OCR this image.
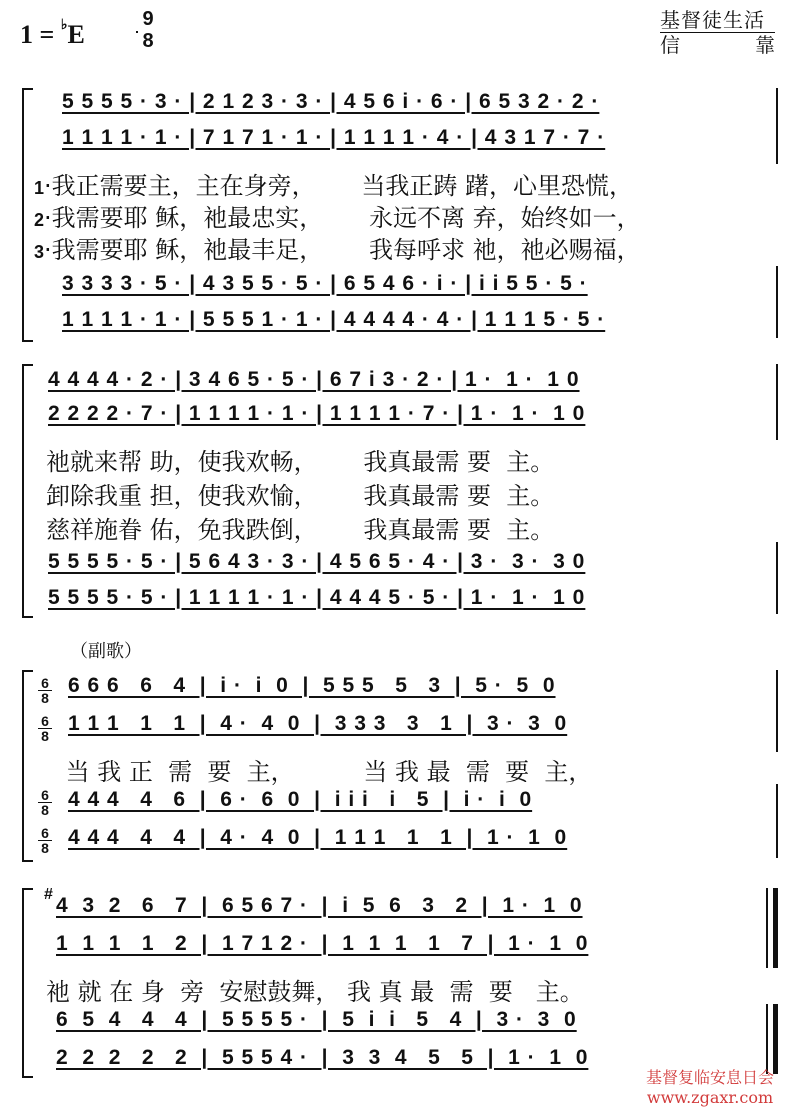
1 = ♭E
9
8
基督徒生活
信	靠
5 5 5 5 · 3 · | 2 1 2 3 · 3 · | 4 5 6 i · 6 · | 6 5 3 2 · 2 ·
1 1 1 1 · 1 · | 7 1 7 1 · 1 · | 1 1 1 1 · 4 · | 4 3 1 7 · 7 ·
1·我正需要主，主在身旁，      当我正踌 躇，心里恐慌，
2·我需要耶 稣，祂最忠实，      永远不离 弃，始终如一，
3·我需要耶 稣，祂最丰足，      我每呼求 祂，祂必赐福，
3 3 3 3 · 5 · | 4 3 5 5 · 5 · | 6 5 4 6 · i · | i i 5 5 · 5 ·
1 1 1 1 · 1 · | 5 5 5 1 · 1 · | 4 4 4 4 · 4 · | 1 1 1 5 · 5 ·
4 4 4 4 · 2 · | 3 4 6 5 · 5 · | 6 7 i 3 · 2 · | 1 ·  1 ·  1 0
2 2 2 2 · 7 · | 1 1 1 1 · 1 · | 1 1 1 1 · 7 · | 1 ·  1 ·  1 0
祂就来帮 助，使我欢畅，      我真最需 要  主。
卸除我重 担，使我欢愉，      我真最需 要  主。
慈祥施眷 佑，免我跌倒，      我真最需 要  主。
5 5 5 5 · 5 · | 5 6 4 3 · 3 · | 4 5 6 5 · 4 · | 3 ·  3 ·  3 0
5 5 5 5 · 5 · | 1 1 1 1 · 1 · | 4 4 4 5 · 5 · | 1 ·  1 ·  1 0
（副歌）
6
8
6
8
6 6 6   6   4  |  i ·  i  0  |  5 5 5   5   3  |  5 ·  5  0
1 1 1   1   1  |  4 ·  4  0  |  3 3 3   3   1  |  3 ·  3  0
当 我 正  需  要  主，         当 我 最  需  要  主，
6
8
6
8
4 4 4   4   6  |  6 ·  6  0  |  i i i   i   5  |  i ·  i  0
4 4 4   4   4  |  4 ·  4  0  |  1 1 1   1   1  |  1 ·  1  0
# 4  3  2   6   7  |  6 5 6 7 ·  |  i  5  6   3   2  |  1 ·  1  0
1  1  1   1   2  |  1 7 1 2 ·  |  1  1  1   1   7  |  1 ·  1  0
祂 就 在 身  旁  安慰鼓舞， 我 真 最  需  要   主。
6  5  4   4   4  |  5 5 5 5 ·  |  5  i  i   5   4  |  3 ·  3  0
2  2  2   2   2  |  5 5 5 4 ·  |  3  3  4   5   5  |  1 ·  1  0
基督复临安息日会
www.zgaxr.com
